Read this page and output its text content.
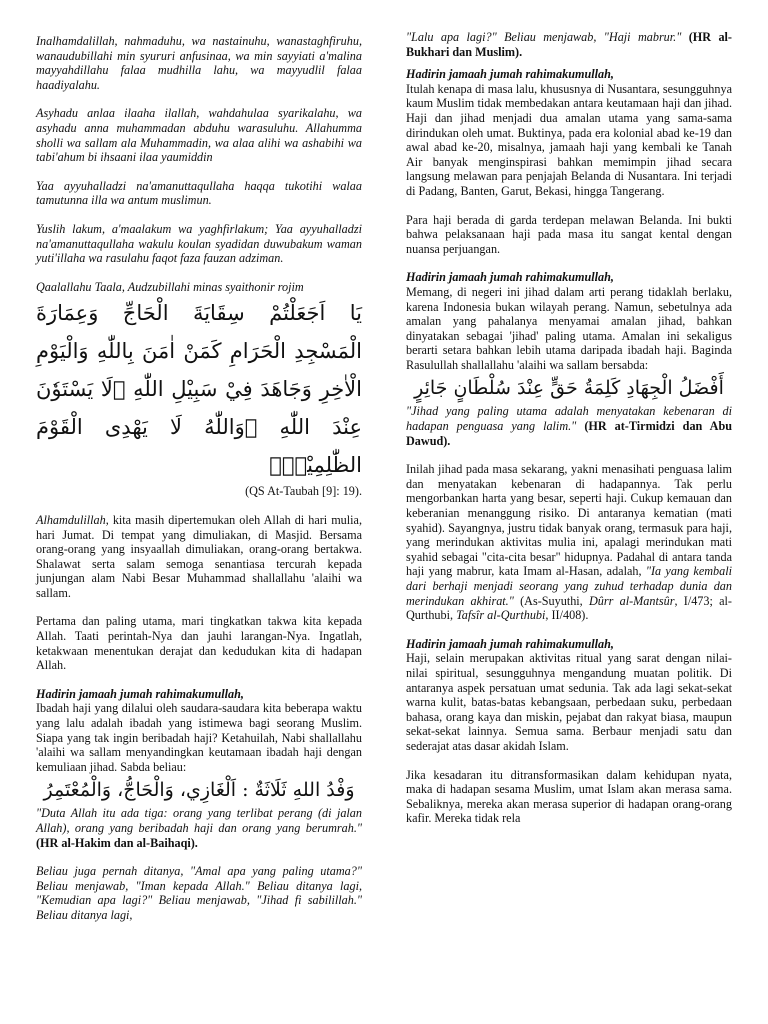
Inalhamdalillah, nahmaduhu, wa nastainuhu, wanastaghfiruhu, wanaudubillahi min syururi anfusinaa, wa min sayyiati a'malina mayyahdillahu falaa mudhilla lahu, wa mayyudlil falaa haadiyalahu.

Asyhadu anlaa ilaaha ilallah, wahdahulaa syarikalahu, wa asyhadu anna muhammadan abduhu warasuluhu. Allahumma sholli wa sallam ala Muhammadin, wa alaa alihi wa ashabihi wa tabi'ahum bi ihsaani ilaa yaumiddin

Yaa ayyuhalladzi na'amanuttaqullaha haqqa tukotihi walaa tamutunna illa wa antum muslimun.

Yuslih lakum, a'maalakum wa yaghfirlakum; Yaa ayyuhalladzi na'amanuttaqullaha wakulu koulan syadidan duwubakum waman yuti'illaha wa rasulahu faqot faza fauzan adziman.

Qaalallahu Taala, Audzubillahi minas syaithonir rojim

يَا اَجَعَلْتُمْ سِقَايَةَ الْحَاجِّ وَعِمَارَةَ الْمَسْجِدِ الْحَرَامِ كَمَنْ اٰمَنَ بِاللّٰهِ وَالْيَوْمِ الْاٰخِرِ وَجَاهَدَ فِيْ سَبِيْلِ اللّٰهِ ۗلَا يَسْتَوٗنَ عِنْدَ اللّٰهِ ۗوَاللّٰهُ لَا يَهْدِى الْقَوْمَ الظّٰلِمِيْنَۘ

(QS At-Taubah [9]: 19).

Alhamdulillah, kita masih dipertemukan oleh Allah di hari mulia, hari Jumat. Di tempat yang dimuliakan, di Masjid. Bersama orang-orang yang insyaallah dimuliakan, orang-orang bertakwa. Shalawat serta salam semoga senantiasa tercurah kepada junjungan alam Nabi Besar Muhammad shallallahu 'alaihi wa sallam.

Pertama dan paling utama, mari tingkatkan takwa kita kepada Allah. Taati perintah-Nya dan jauhi larangan-Nya. Ingatlah, ketakwaan menentukan derajat dan kedudukan kita di hadapan Allah.

Hadirin jamaah jumah rahimakumullah,

Ibadah haji yang dilalui oleh saudara-saudara kita beberapa waktu yang lalu adalah ibadah yang istimewa bagi seorang Muslim. Siapa yang tak ingin beribadah haji? Ketahuilah, Nabi shallallahu 'alaihi wa sallam menyandingkan keutamaan ibadah haji dengan kemuliaan jihad. Sabda beliau:

وَفْدُ اللهِ ثَلَاثَةٌ : اَلْغَازِي، وَالْحَاجُّ، وَالْمُعْتَمِرُ

"Duta Allah itu ada tiga: orang yang terlibat perang (di jalan Allah), orang yang beribadah haji dan orang yang berumrah." (HR al-Hakim dan al-Baihaqi).

Beliau juga pernah ditanya, "Amal apa yang paling utama?" Beliau menjawab, "Iman kepada Allah." Beliau ditanya lagi, "Kemudian apa lagi?" Beliau menjawab, "Jihad fi sabilillah." Beliau ditanya lagi,

"Lalu apa lagi?" Beliau menjawab, "Haji mabrur." (HR al-Bukhari dan Muslim).

Hadirin jamaah jumah rahimakumullah,

Itulah kenapa di masa lalu, khususnya di Nusantara, sesungguhnya kaum Muslim tidak membedakan antara keutamaan haji dan jihad. Haji dan jihad menjadi dua amalan utama yang sama-sama dirindukan oleh umat. Buktinya, pada era kolonial abad ke-19 dan awal abad ke-20, misalnya, jamaah haji yang kembali ke Tanah Air banyak menginspirasi bahkan memimpin jihad secara langsung melawan para penjajah Belanda di Nusantara. Ini terjadi di Padang, Banten, Garut, Bekasi, hingga Tangerang.

Para haji berada di garda terdepan melawan Belanda. Ini bukti bahwa pelaksanaan haji pada masa itu sangat kental dengan nuansa perjuangan.

Hadirin jamaah jumah rahimakumullah,

Memang, di negeri ini jihad dalam arti perang tidaklah berlaku, karena Indonesia bukan wilayah perang. Namun, sebetulnya ada amalan yang pahalanya menyamai amalan jihad, bahkan dinyatakan sebagai 'jihad' paling utama. Amalan ini sekaligus berarti setara bahkan lebih utama daripada ibadah haji. Baginda Rasulullah shallallahu 'alaihi wa sallam bersabda:

أَفْضَلُ الْجِهَادِ كَلِمَةُ حَقٍّ عِنْدَ سُلْطَانٍ جَائِرٍ

"Jihad yang paling utama adalah menyatakan kebenaran di hadapan penguasa yang lalim." (HR at-Tirmidzi dan Abu Dawud).

Inilah jihad pada masa sekarang, yakni menasihati penguasa lalim dan menyatakan kebenaran di hadapannya. Tak perlu mengorbankan harta yang besar, seperti haji. Cukup kemauan dan keberanian menanggung risiko. Di antaranya kematian (mati syahid). Sayangnya, justru tidak banyak orang, termasuk para haji, yang merindukan aktivitas mulia ini, apalagi merindukan mati syahid sebagai "cita-cita besar" hidupnya. Padahal di antara tanda haji yang mabrur, kata Imam al-Hasan, adalah, "Ia yang kembali dari berhaji menjadi seorang yang zuhud terhadap dunia dan merindukan akhirat." (As-Suyuthi, Dûrr al-Mantsûr, I/473; al-Qurthubi, Tafsîr al-Qurthubi, II/408).

Hadirin jamaah jumah rahimakumullah,

Haji, selain merupakan aktivitas ritual yang sarat dengan nilai-nilai spiritual, sesungguhnya mengandung muatan politik. Di antaranya aspek persatuan umat sedunia. Tak ada lagi sekat-sekat warna kulit, batas-batas kebangsaan, perbedaan suku, perbedaan bahasa, orang kaya dan miskin, pejabat dan rakyat biasa, maupun sekat-sekat lainnya. Semua sama. Berbaur menjadi satu dan sederajat atas dasar akidah Islam.

Jika kesadaran itu ditransformasikan dalam kehidupan nyata, maka di hadapan sesama Muslim, umat Islam akan merasa sama. Sebaliknya, mereka akan merasa superior di hadapan orang-orang kafir. Mereka tidak rela
